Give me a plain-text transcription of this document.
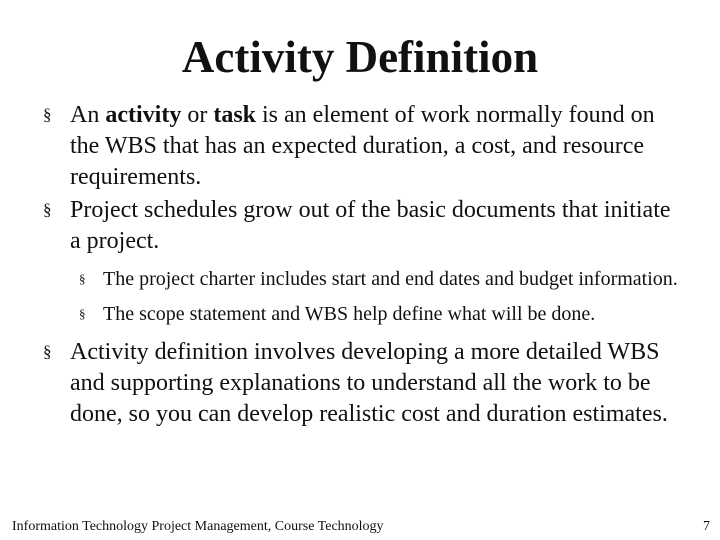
Activity Definition
§ An activity or task is an element of work normally found on the WBS that has an expected duration, a cost, and resource requirements.
§ Project schedules grow out of the basic documents that initiate a project.
§ The project charter includes start and end dates and budget information.
§ The scope statement and WBS help define what will be done.
§ Activity definition involves developing a more detailed WBS and supporting explanations to understand all the work to be done, so you can develop realistic cost and duration estimates.
Information Technology Project Management, Course Technology	7
